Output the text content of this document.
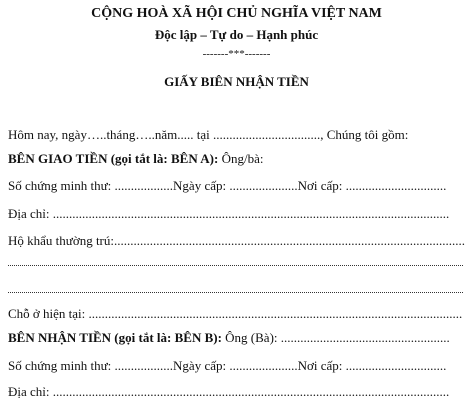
CỘNG HOÀ XÃ HỘI CHỦ NGHĨA VIỆT NAM
Độc lập – Tự do – Hạnh phúc
-------***-------
GIẤY BIÊN NHẬN TIỀN
Hôm nay, ngày…..tháng…..năm..... tại ................................., Chúng tôi gồm:
BÊN GIAO TIỀN (gọi tắt là: BÊN A): Ông/bà:
Số chứng minh thư: ..................Ngày cấp: .....................Nơi cấp: ...............................
Địa chỉ: ..........................................................................................................................
Hộ khẩu thường trú:............................................................................................................
Chỗ ở hiện tại: ...................................................................................................................
BÊN NHẬN TIỀN (gọi tắt là: BÊN B): Ông (Bà): ....................................................
Số chứng minh thư: ..................Ngày cấp: .....................Nơi cấp: ...............................
Địa chỉ: ..........................................................................................................................
